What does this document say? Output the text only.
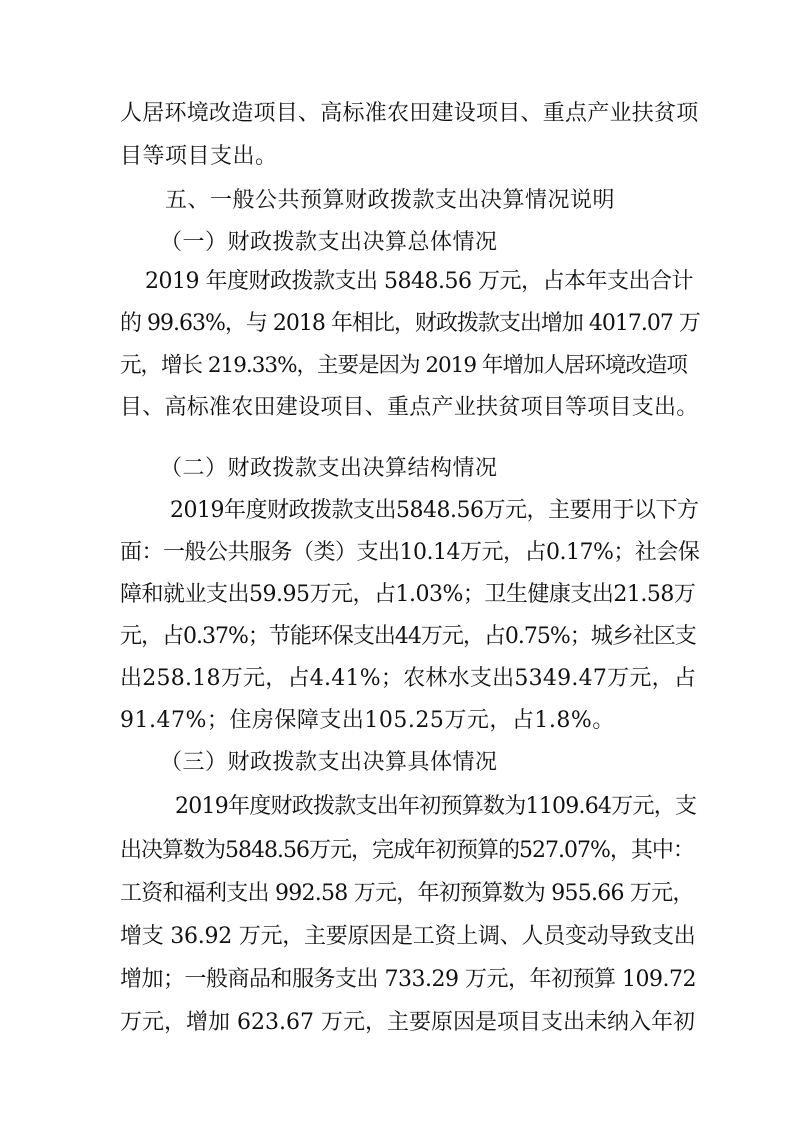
人居环境改造项目、高标准农田建设项目、重点产业扶贫项
目等项目支出。
五、一般公共预算财政拨款支出决算情况说明
（一）财政拨款支出决算总体情况
2019 年度财政拨款支出 5848.56 万元，占本年支出合计
的 99.63%，与 2018 年相比，财政拨款支出增加 4017.07 万
元，增长 219.33%，主要是因为 2019 年增加人居环境改造项
目、高标准农田建设项目、重点产业扶贫项目等项目支出。
（二）财政拨款支出决算结构情况
2019年度财政拨款支出5848.56万元，主要用于以下方
面：一般公共服务（类）支出10.14万元，占0.17%；社会保
障和就业支出59.95万元，占1.03%；卫生健康支出21.58万
元，占0.37%；节能环保支出44万元，占0.75%；城乡社区支
出258.18万元，占4.41%；农林水支出5349.47万元，占
91.47%；住房保障支出105.25万元，占1.8%。
（三）财政拨款支出决算具体情况
2019年度财政拨款支出年初预算数为1109.64万元，支
出决算数为5848.56万元，完成年初预算的527.07%，其中：
工资和福利支出 992.58 万元，年初预算数为 955.66 万元，
增支 36.92 万元，主要原因是工资上调、人员变动导致支出
增加；一般商品和服务支出 733.29 万元，年初预算 109.72
万元，增加 623.67 万元，主要原因是项目支出未纳入年初
